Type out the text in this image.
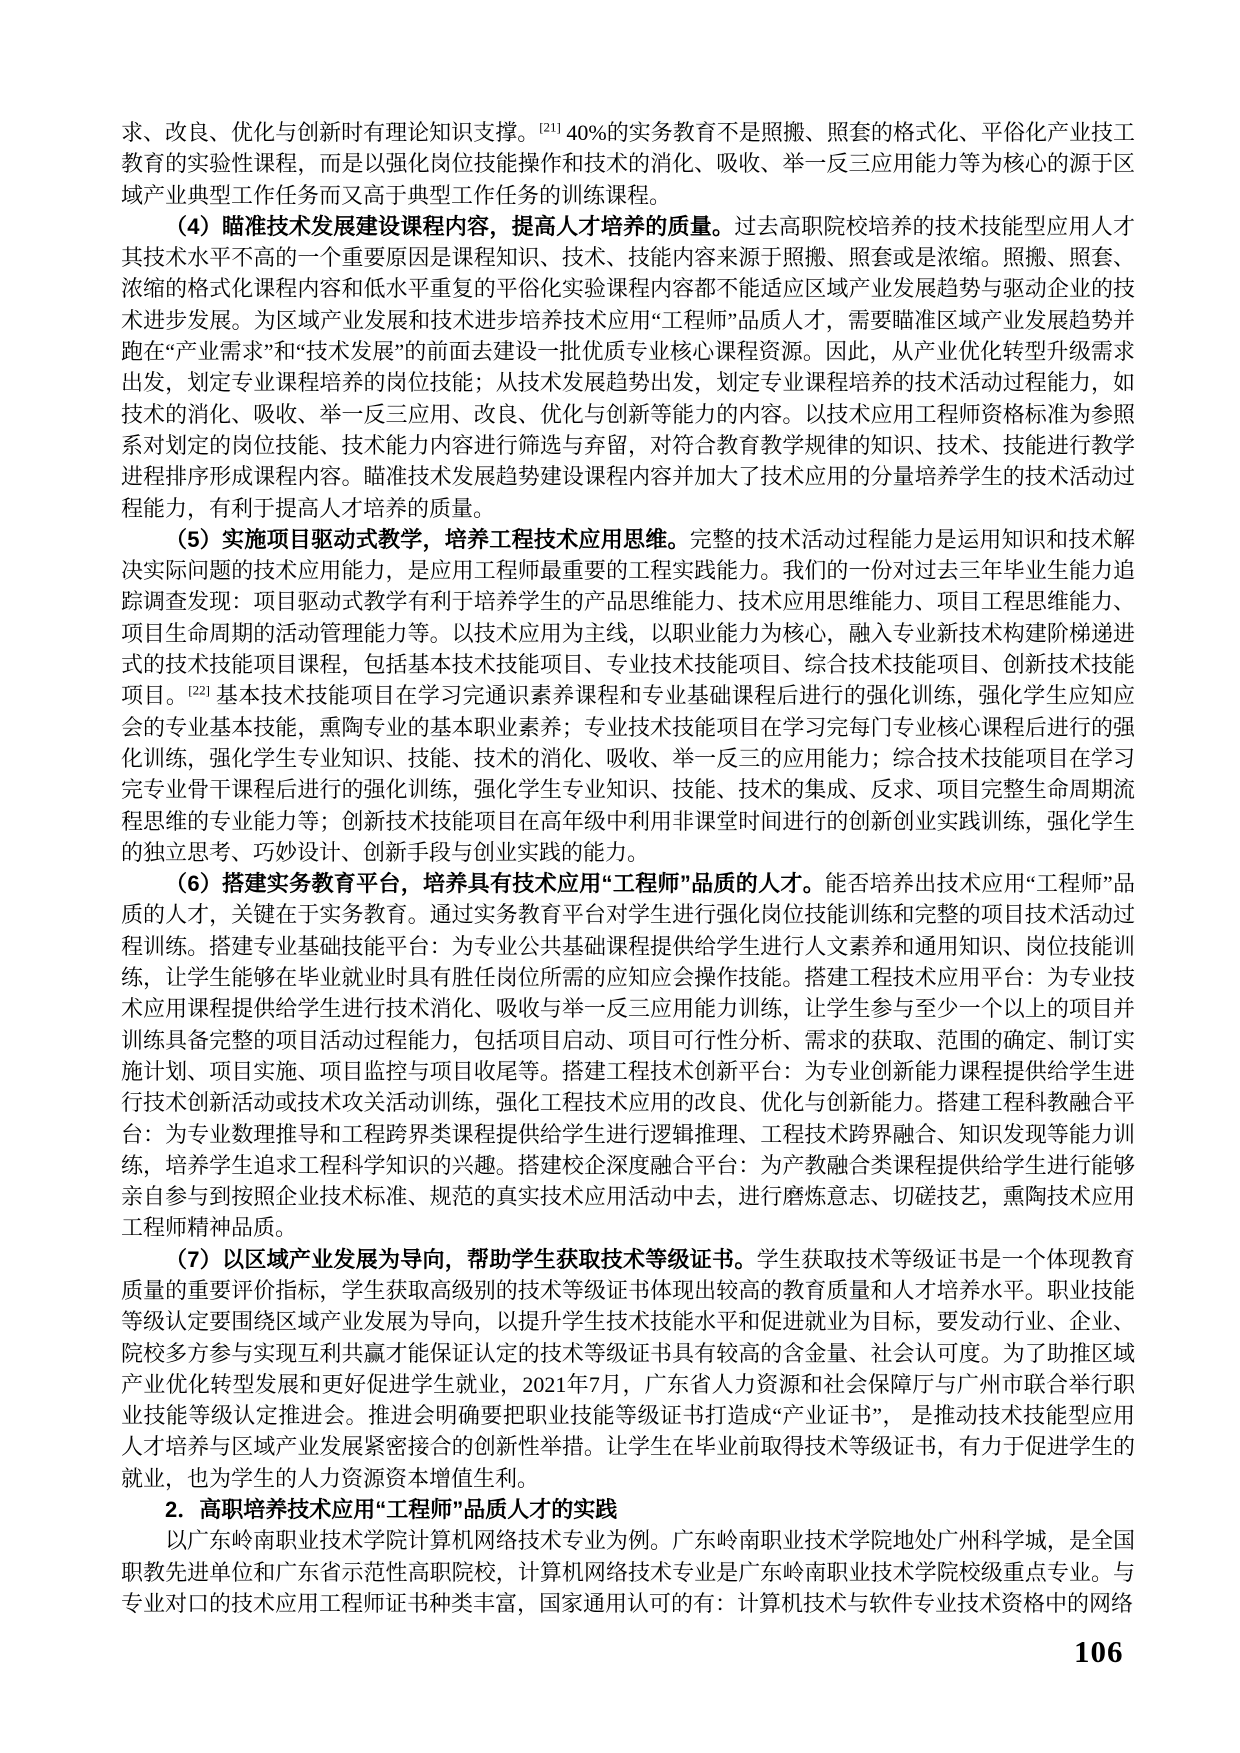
求、改良、优化与创新时有理论知识支撑。[21] 40%的实务教育不是照搬、照套的格式化、平俗化产业技工教育的实验性课程，而是以强化岗位技能操作和技术的消化、吸收、举一反三应用能力等为核心的源于区域产业典型工作任务而又高于典型工作任务的训练课程。

（4）瞄准技术发展建设课程内容，提高人才培养的质量。过去高职院校培养的技术技能型应用人才其技术水平不高的一个重要原因是课程知识、技术、技能内容来源于照搬、照套或是浓缩。照搬、照套、浓缩的格式化课程内容和低水平重复的平俗化实验课程内容都不能适应区域产业发展趋势与驱动企业的技术进步发展。为区域产业发展和技术进步培养技术应用“工程师”品质人才，需要瞄准区域产业发展趋势并跑在“产业需求”和“技术发展”的前面去建设一批优质专业核心课程资源。因此，从产业优化转型升级需求出发，划定专业课程培养的岗位技能；从技术发展趋势出发，划定专业课程培养的技术活动过程能力，如技术的消化、吸收、举一反三应用、改良、优化与创新等能力的内容。以技术应用工程师资格标准为参照系对划定的岗位技能、技术能力内容进行筛选与弃留，对符合教育教学规律的知识、技术、技能进行教学进程排序形成课程内容。瞄准技术发展趋势建设课程内容并加大了技术应用的分量培养学生的技术活动过程能力，有利于提高人才培养的质量。

（5）实施项目驱动式教学，培养工程技术应用思维。完整的技术活动过程能力是运用知识和技术解决实际问题的技术应用能力，是应用工程师最重要的工程实践能力。我们的一份对过去三年毕业生能力追踪调查发现：项目驱动式教学有利于培养学生的产品思维能力、技术应用思维能力、项目工程思维能力、项目生命周期的活动管理能力等。以技术应用为主线，以职业能力为核心，融入专业新技术构建阶梯递进式的技术技能项目课程，包括基本技术技能项目、专业技术技能项目、综合技术技能项目、创新技术技能项目。[22] 基本技术技能项目在学习完通识素养课程和专业基础课程后进行的强化训练，强化学生应知应会的专业基本技能，熏陶专业的基本职业素养；专业技术技能项目在学习完每门专业核心课程后进行的强化训练，强化学生专业知识、技能、技术的消化、吸收、举一反三的应用能力；综合技术技能项目在学习完专业骨干课程后进行的强化训练，强化学生专业知识、技能、技术的集成、反求、项目完整生命周期流程思维的专业能力等；创新技术技能项目在高年级中利用非课堂时间进行的创新创业实践训练，强化学生的独立思考、巧妙设计、创新手段与创业实践的能力。

（6）搭建实务教育平台，培养具有技术应用“工程师”品质的人才。能否培养出技术应用“工程师”品质的人才，关键在于实务教育。通过实务教育平台对学生进行强化岗位技能训练和完整的项目技术活动过程训练。搭建专业基础技能平台：为专业公共基础课程提供给学生进行人文素养和通用知识、岗位技能训练，让学生能够在毕业就业时具有胜任岗位所需的应知应会操作技能。搭建工程技术应用平台：为专业技术应用课程提供给学生进行技术消化、吸收与举一反三应用能力训练，让学生参与至少一个以上的项目并训练具备完整的项目活动过程能力，包括项目启动、项目可行性分析、需求的获取、范围的确定、制订实施计划、项目实施、项目监控与项目收尾等。搭建工程技术创新平台：为专业创新能力课程提供给学生进行技术创新活动或技术攻关活动训练，强化工程技术应用的改良、优化与创新能力。搭建工程科教融合平台：为专业数理推导和工程跨界类课程提供给学生进行逻辑推理、工程技术跨界融合、知识发现等能力训练，培养学生追求工程科学知识的兴趣。搭建校企深度融合平台：为产教融合类课程提供给学生进行能够亲自参与到按照企业技术标准、规范的真实技术应用活动中去，进行磨炼意志、切磋技艺，熏陶技术应用工程师精神品质。

（7）以区域产业发展为导向，帮助学生获取技术等级证书。学生获取技术等级证书是一个体现教育质量的重要评价指标，学生获取高级别的技术等级证书体现出较高的教育质量和人才培养水平。职业技能等级认定要围绕区域产业发展为导向，以提升学生技术技能水平和促进就业为目标，要发动行业、企业、院校多方参与实现互利共赢才能保证认定的技术等级证书具有较高的含金量、社会认可度。为了助推区域产业优化转型发展和更好促进学生就业，2021年7月，广东省人力资源和社会保障厅与广州市联合举行职业技能等级认定推进会。推进会明确要把职业技能等级证书打造成“产业证书”， 是推动技术技能型应用人才培养与区域产业发展紧密接合的创新性举措。让学生在毕业前取得技术等级证书，有力于促进学生的就业，也为学生的人力资源资本增值生利。

2．高职培养技术应用“工程师”品质人才的实践

以广东岭南职业技术学院计算机网络技术专业为例。广东岭南职业技术学院地处广州科学城，是全国职教先进单位和广东省示范性高职院校，计算机网络技术专业是广东岭南职业技术学院校级重点专业。与专业对口的技术应用工程师证书种类丰富，国家通用认可的有：计算机技术与软件专业技术资格中的网络

106
